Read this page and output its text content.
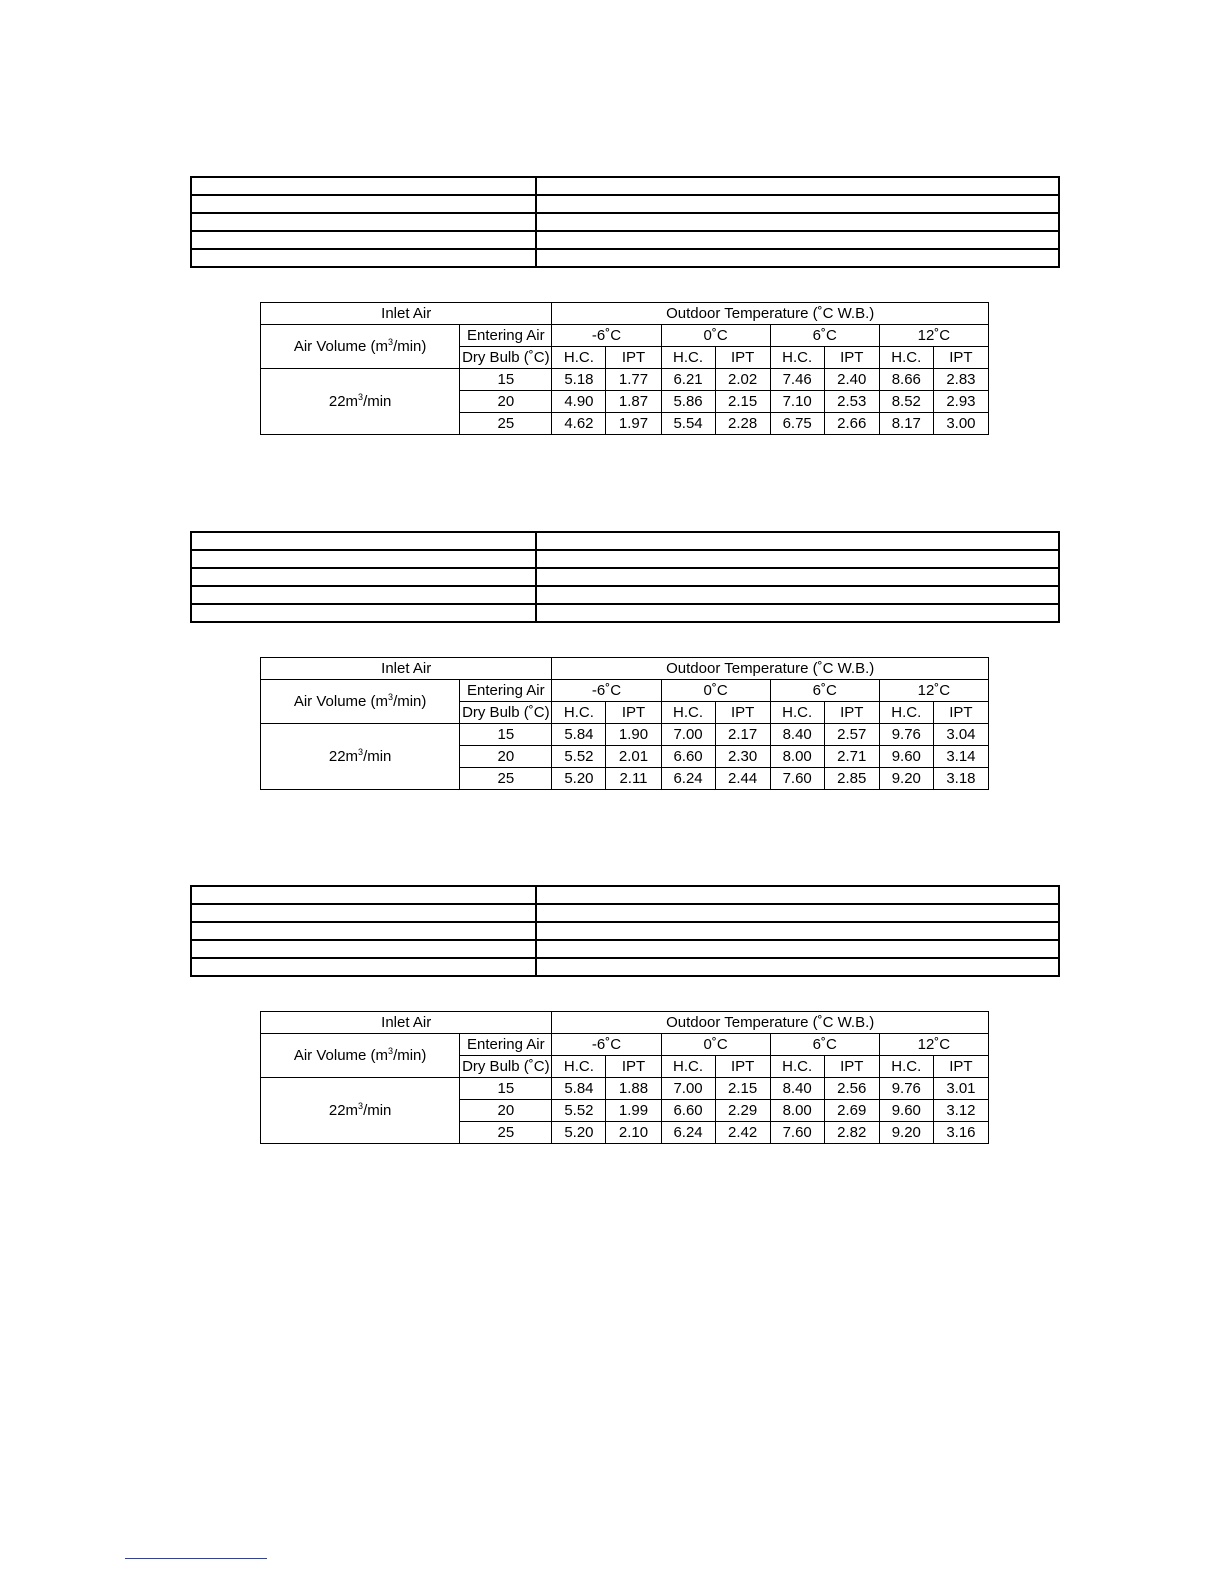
Inlet Air		Outdoor Temperature (˚C W.B.)							
Air Volume $(m^3/\min)$	Entering Air	-6˚C		0˚C		6˚C		12˚C	
	Dry Bulb (˚C)	H.C.	IPT	H.C.	IPT	H.C.	IPT	H.C.	IPT
$22m^3/\min$	15	5.18	1.77	6.21	2.02	7.46	2.40	8.66	2.83
	20	4.90	1.87	5.86	2.15	7.10	2.53	8.52	2.93
	25	4.62	1.97	5.54	2.28	6.75	2.66	8.17	3.00

Inlet Air		Outdoor Temperature (˚C W.B.)							
Air Volume $(m^3/\min)$	Entering Air	-6˚C		0˚C		6˚C		12˚C	
	Dry Bulb (˚C)	H.C.	IPT	H.C.	IPT	H.C.	IPT	H.C.	IPT
$22m^3/\min$	15	5.84	1.90	7.00	2.17	8.40	2.57	9.76	3.04
	20	5.52	2.01	6.60	2.30	8.00	2.71	9.60	3.14
	25	5.20	2.11	6.24	2.44	7.60	2.85	9.20	3.18

Inlet Air		Outdoor Temperature (˚C W.B.)							
Air Volume $(m^3/\min)$	Entering Air	-6˚C		0˚C		6˚C		12˚C	
	Dry Bulb (˚C)	H.C.	IPT	H.C.	IPT	H.C.	IPT	H.C.	IPT
$22m^3/\min$	15	5.84	1.88	7.00	2.15	8.40	2.56	9.76	3.01
	20	5.52	1.99	6.60	2.29	8.00	2.69	9.60	3.12
	25	5.20	2.10	6.24	2.42	7.60	2.82	9.20	3.16
